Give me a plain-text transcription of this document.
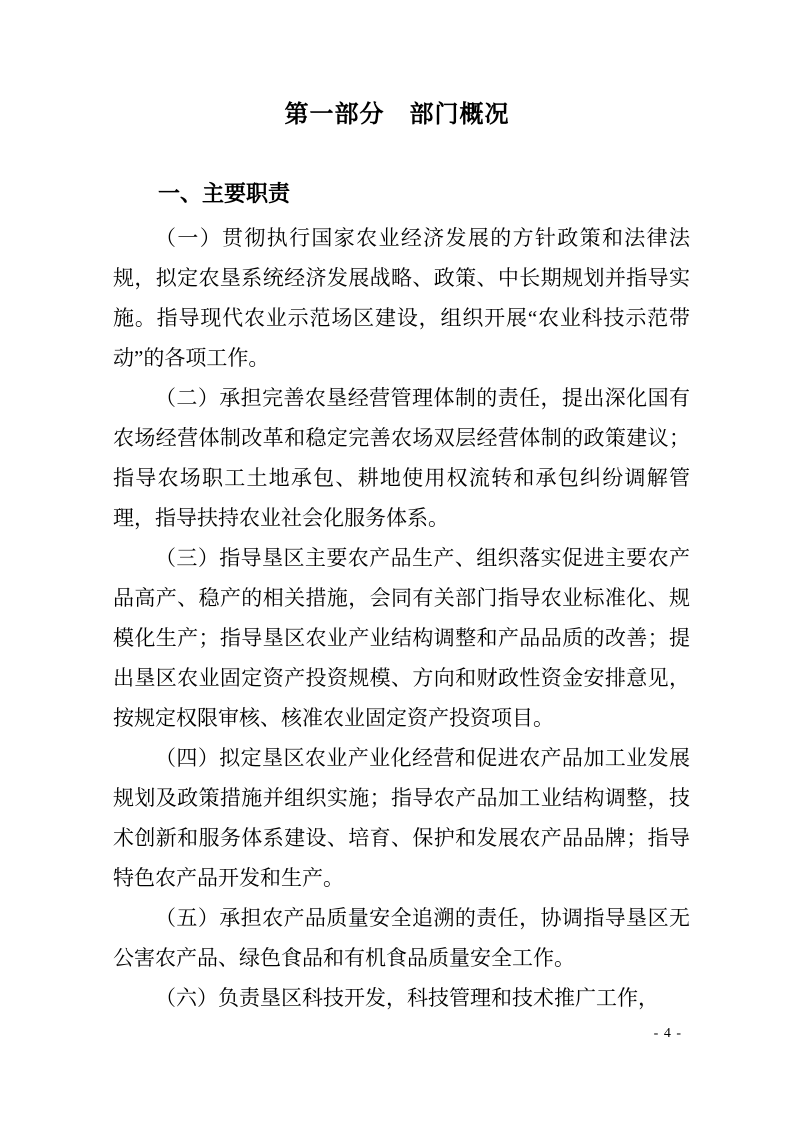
第一部分　部门概况
一、主要职责

（一）贯彻执行国家农业经济发展的方针政策和法律法规，拟定农垦系统经济发展战略、政策、中长期规划并指导实施。指导现代农业示范场区建设，组织开展“农业科技示范带动”的各项工作。

（二）承担完善农垦经营管理体制的责任，提出深化国有农场经营体制改革和稳定完善农场双层经营体制的政策建议；指导农场职工土地承包、耕地使用权流转和承包纠纷调解管理，指导扶持农业社会化服务体系。

（三）指导垦区主要农产品生产、组织落实促进主要农产品高产、稳产的相关措施，会同有关部门指导农业标准化、规模化生产；指导垦区农业产业结构调整和产品品质的改善；提出垦区农业固定资产投资规模、方向和财政性资金安排意见，按规定权限审核、核准农业固定资产投资项目。

（四）拟定垦区农业产业化经营和促进农产品加工业发展规划及政策措施并组织实施；指导农产品加工业结构调整，技术创新和服务体系建设、培育、保护和发展农产品品牌；指导特色农产品开发和生产。

（五）承担农产品质量安全追溯的责任，协调指导垦区无公害农产品、绿色食品和有机食品质量安全工作。

（六）负责垦区科技开发，科技管理和技术推广工作，

- 4 -
